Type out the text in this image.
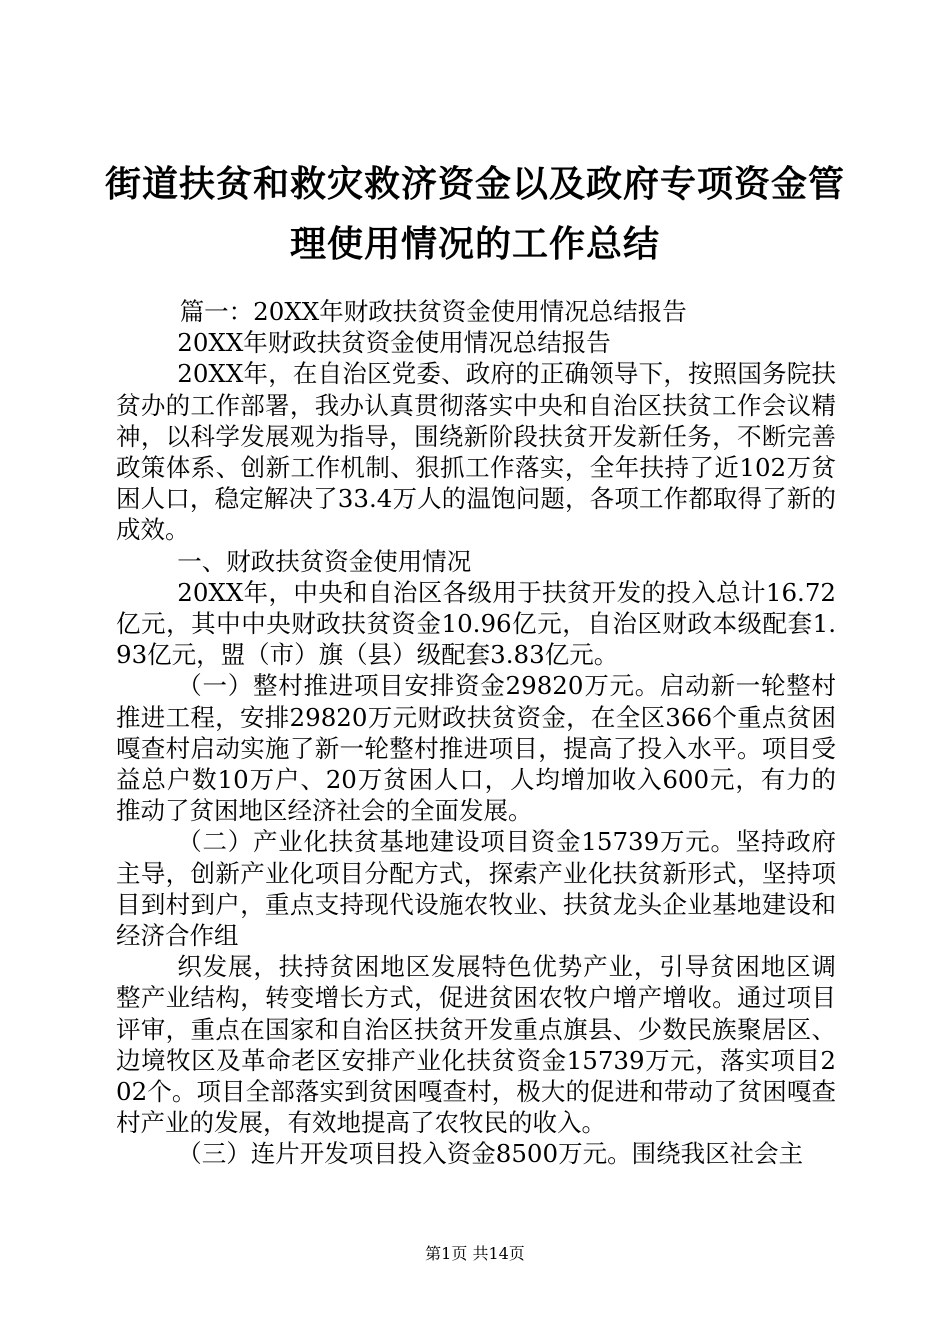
街道扶贫和救灾救济资金以及政府专项资金管
理使用情况的工作总结

篇一：20XX年财政扶贫资金使用情况总结报告

20XX年财政扶贫资金使用情况总结报告

20XX年，在自治区党委、政府的正确领导下，按照国务院扶贫办的工作部署，我办认真贯彻落实中央和自治区扶贫工作会议精神，以科学发展观为指导，围绕新阶段扶贫开发新任务，不断完善政策体系、创新工作机制、狠抓工作落实，全年扶持了近102万贫困人口，稳定解决了33.4万人的温饱问题，各项工作都取得了新的成效。

一、财政扶贫资金使用情况

20XX年，中央和自治区各级用于扶贫开发的投入总计16.72亿元，其中中央财政扶贫资金10.96亿元，自治区财政本级配套1.93亿元，盟（市）旗（县）级配套3.83亿元。

（一）整村推进项目安排资金29820万元。启动新一轮整村推进工程，安排29820万元财政扶贫资金，在全区366个重点贫困嘎查村启动实施了新一轮整村推进项目，提高了投入水平。项目受益总户数10万户、20万贫困人口，人均增加收入600元，有力的推动了贫困地区经济社会的全面发展。

（二）产业化扶贫基地建设项目资金15739万元。坚持政府主导，创新产业化项目分配方式，探索产业化扶贫新形式，坚持项目到村到户，重点支持现代设施农牧业、扶贫龙头企业基地建设和经济合作组

织发展，扶持贫困地区发展特色优势产业，引导贫困地区调整产业结构，转变增长方式，促进贫困农牧户增产增收。通过项目评审，重点在国家和自治区扶贫开发重点旗县、少数民族聚居区、边境牧区及革命老区安排产业化扶贫资金15739万元，落实项目202个。项目全部落实到贫困嘎查村，极大的促进和带动了贫困嘎查村产业的发展，有效地提高了农牧民的收入。

（三）连片开发项目投入资金8500万元。围绕我区社会主

第1页 共14页
